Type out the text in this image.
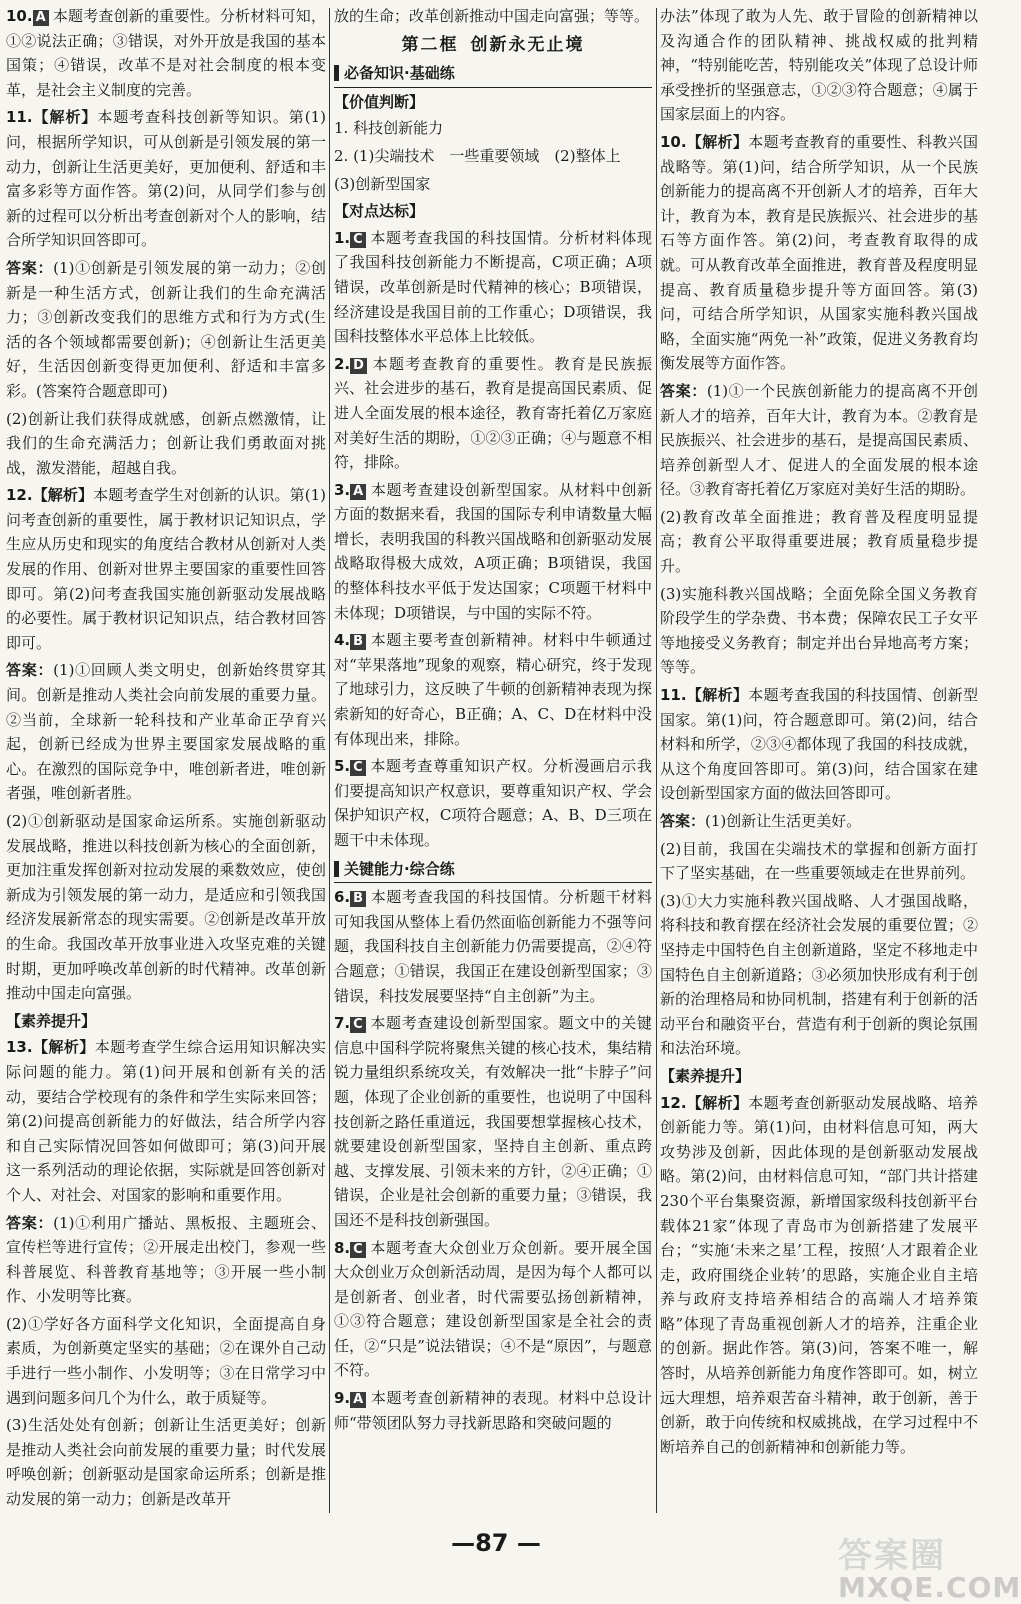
10. A 本题考查创新的重要性。分析材料可知，①②说法正确；③错误，对外开放是我国的基本国策；④错误，改革不是对社会制度的根本变革，是社会主义制度的完善。
11.【解析】本题考查科技创新等知识。第(1)问，根据所学知识，可从创新是引领发展的第一动力，创新让生活更美好，更加便利、舒适和丰富多彩等方面作答。第(2)问，从同学们参与创新的过程可以分析出考查创新对个人的影响，结合所学知识回答即可。
答案：(1)①创新是引领发展的第一动力；②创新是一种生活方式，创新让我们的生命充满活力；③创新改变我们的思维方式和行为方式(生活的各个领域都需要创新)；④创新让生活更美好，生活因创新变得更加便利、舒适和丰富多彩。(答案符合题意即可)
(2)创新让我们获得成就感，创新点燃激情，让我们的生命充满活力；创新让我们勇敢面对挑战，激发潜能，超越自我。
12.【解析】本题考查学生对创新的认识。第(1)问考查创新的重要性，属于教材识记知识点，学生应从历史和现实的角度结合教材从创新对人类发展的作用、创新对世界主要国家的重要性回答即可。第(2)问考查我国实施创新驱动发展战略的必要性。属于教材识记知识点，结合教材回答即可。
答案：(1)①回顾人类文明史，创新始终贯穿其间。创新是推动人类社会向前发展的重要力量。②当前，全球新一轮科技和产业革命正孕育兴起，创新已经成为世界主要国家发展战略的重心。在激烈的国际竞争中，唯创新者进，唯创新者强，唯创新者胜。
(2)①创新驱动是国家命运所系。实施创新驱动发展战略，推进以科技创新为核心的全面创新，更加注重发挥创新对拉动发展的乘数效应，使创新成为引领发展的第一动力，是适应和引领我国经济发展新常态的现实需要。②创新是改革开放的生命。我国改革开放事业进入攻坚克难的关键时期，更加呼唤改革创新的时代精神。改革创新推动中国走向富强。
【素养提升】
13.【解析】本题考查学生综合运用知识解决实际问题的能力。第(1)问开展和创新有关的活动，要结合学校现有的条件和学生实际来回答；第(2)问提高创新能力的好做法，结合所学内容和自己实际情况回答如何做即可；第(3)问开展这一系列活动的理论依据，实际就是回答创新对个人、对社会、对国家的影响和重要作用。
答案：(1)①利用广播站、黑板报、主题班会、宣传栏等进行宣传；②开展走出校门，参观一些科普展览、科普教育基地等；③开展一些小制作、小发明等比赛。
(2)①学好各方面科学文化知识，全面提高自身素质，为创新奠定坚实的基础；②在课外自己动手进行一些小制作、小发明等；③在日常学习中遇到问题多问几个为什么，敢于质疑等。
(3)生活处处有创新；创新让生活更美好；创新是推动人类社会向前发展的重要力量；时代发展呼唤创新；创新驱动是国家命运所系；创新是推动发展的第一动力；创新是改革开
放的生命；改革创新推动中国走向富强；等等。
第二框 创新永无止境
必备知识·基础练
【价值判断】
1. 科技创新能力
2. (1)尖端技术　一些重要领域　(2)整体上
(3)创新型国家
【对点达标】
1. C 本题考查我国的科技国情。分析材料体现了我国科技创新能力不断提高，C项正确；A项错误，改革创新是时代精神的核心；B项错误，经济建设是我国目前的工作重心；D项错误，我国科技整体水平总体上比较低。
2. D 本题考查教育的重要性。教育是民族振兴、社会进步的基石，教育是提高国民素质、促进人全面发展的根本途径，教育寄托着亿万家庭对美好生活的期盼，①②③正确；④与题意不相符，排除。
3. A 本题考查建设创新型国家。从材料中创新方面的数据来看，我国的国际专利申请数量大幅增长，表明我国的科教兴国战略和创新驱动发展战略取得极大成效，A项正确；B项错误，我国的整体科技水平低于发达国家；C项题干材料中未体现；D项错误，与中国的实际不符。
4. B 本题主要考查创新精神。材料中牛顿通过对“苹果落地”现象的观察，精心研究，终于发现了地球引力，这反映了牛顿的创新精神表现为探索新知的好奇心，B正确；A、C、D在材料中没有体现出来，排除。
5. C 本题考查尊重知识产权。分析漫画启示我们要提高知识产权意识，要尊重知识产权、学会保护知识产权，C项符合题意；A、B、D三项在题干中未体现。
关键能力·综合练
6. B 本题考查我国的科技国情。分析题干材料可知我国从整体上看仍然面临创新能力不强等问题，我国科技自主创新能力仍需要提高，②④符合题意；①错误，我国正在建设创新型国家；③错误，科技发展要坚持“自主创新”为主。
7. C 本题考查建设创新型国家。题文中的关键信息中国科学院将聚焦关键的核心技术，集结精锐力量组织系统攻关，有效解决一批“卡脖子”问题，体现了企业创新的重要性，也说明了中国科技创新之路任重道远，我国要想掌握核心技术，就要建设创新型国家，坚持自主创新、重点跨越、支撑发展、引领未来的方针，②④正确；①错误，企业是社会创新的重要力量；③错误，我国还不是科技创新强国。
8. C 本题考查大众创业万众创新。要开展全国大众创业万众创新活动周，是因为每个人都可以是创新者、创业者，时代需要弘扬创新精神，①③符合题意；建设创新型国家是全社会的责任，②“只是”说法错误；④不是“原因”，与题意不符。
9. A 本题考查创新精神的表现。材料中总设计师“带领团队努力寻找新思路和突破问题的
办法”体现了敢为人先、敢于冒险的创新精神以及沟通合作的团队精神、挑战权威的批判精神，“特别能吃苦，特别能攻关”体现了总设计师承受挫折的坚强意志，①②③符合题意；④属于国家层面上的内容。
10.【解析】本题考查教育的重要性、科教兴国战略等。第(1)问，结合所学知识，从一个民族创新能力的提高离不开创新人才的培养，百年大计，教育为本，教育是民族振兴、社会进步的基石等方面作答。第(2)问，考查教育取得的成就。可从教育改革全面推进，教育普及程度明显提高、教育质量稳步提升等方面回答。第(3)问，可结合所学知识，从国家实施科教兴国战略，全面实施“两免一补”政策，促进义务教育均衡发展等方面作答。
答案：(1)①一个民族创新能力的提高离不开创新人才的培养，百年大计，教育为本。②教育是民族振兴、社会进步的基石，是提高国民素质、培养创新型人才、促进人的全面发展的根本途径。③教育寄托着亿万家庭对美好生活的期盼。
(2)教育改革全面推进；教育普及程度明显提高；教育公平取得重要进展；教育质量稳步提升。
(3)实施科教兴国战略；全面免除全国义务教育阶段学生的学杂费、书本费；保障农民工子女平等地接受义务教育；制定并出台异地高考方案；等等。
11.【解析】本题考查我国的科技国情、创新型国家。第(1)问，符合题意即可。第(2)问，结合材料和所学，②③④都体现了我国的科技成就，从这个角度回答即可。第(3)问，结合国家在建设创新型国家方面的做法回答即可。
答案：(1)创新让生活更美好。
(2)目前，我国在尖端技术的掌握和创新方面打下了坚实基础，在一些重要领域走在世界前列。
(3)①大力实施科教兴国战略、人才强国战略，将科技和教育摆在经济社会发展的重要位置；②坚持走中国特色自主创新道路，坚定不移地走中国特色自主创新道路；③必须加快形成有利于创新的治理格局和协同机制，搭建有利于创新的活动平台和融资平台，营造有利于创新的舆论氛围和法治环境。
【素养提升】
12.【解析】本题考查创新驱动发展战略、培养创新能力等。第(1)问，由材料信息可知，两大攻势涉及创新，因此体现的是创新驱动发展战略。第(2)问，由材料信息可知，“部门共计搭建230个平台集聚资源，新增国家级科技创新平台载体21家”体现了青岛市为创新搭建了发展平台；“实施‘未来之星’工程，按照‘人才跟着企业走，政府围绕企业转’的思路，实施企业自主培养与政府支持培养相结合的高端人才培养策略”体现了青岛重视创新人才的培养，注重企业的创新。据此作答。第(3)问，答案不唯一，解答时，从培养创新能力角度作答即可。如，树立远大理想，培养艰苦奋斗精神，敢于创新，善于创新，敢于向传统和权威挑战，在学习过程中不断培养自己的创新精神和创新能力等。
—87 —	答案圈
MXQE.COM
